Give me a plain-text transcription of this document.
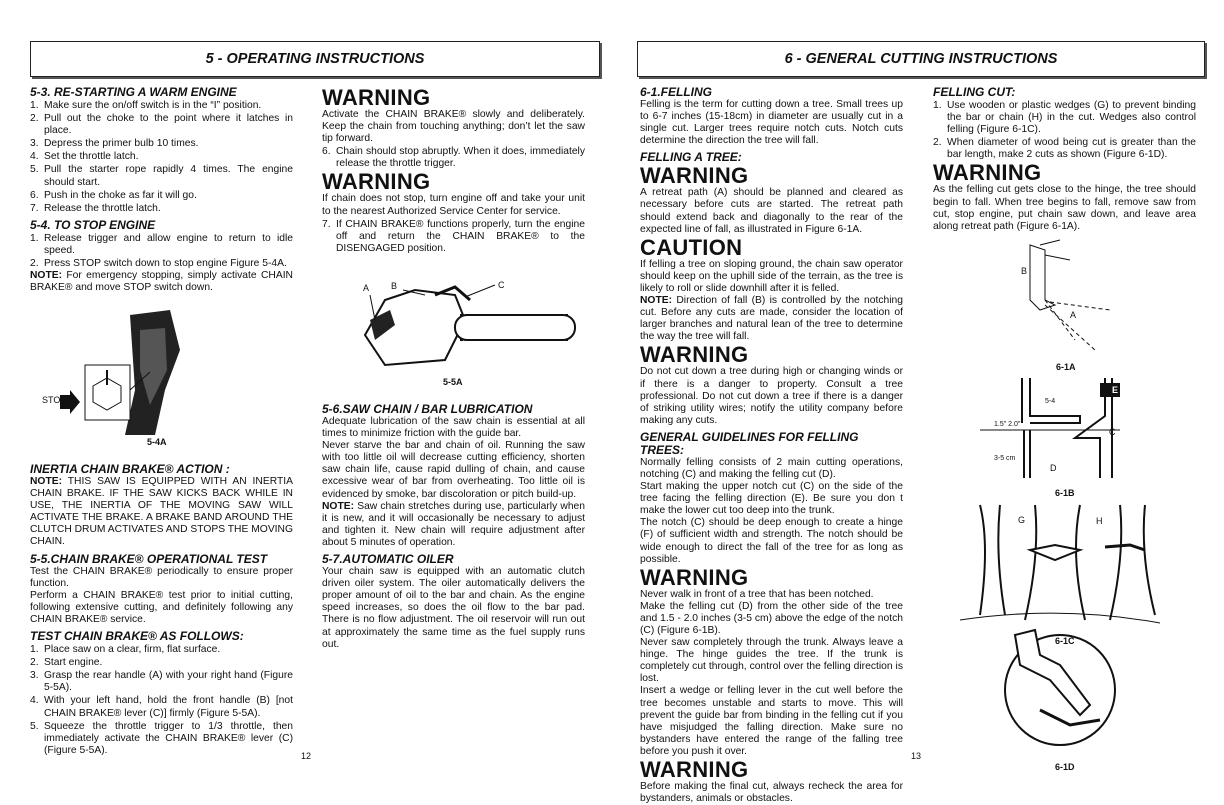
5 - OPERATING INSTRUCTIONS	6 - GENERAL CUTTING INSTRUCTIONS
5-3. RE-STARTING A WARM ENGINE
1. Make sure the on/off switch is in the “I” position.
2. Pull out the choke to the point where it latches in place.
3. Depress the primer bulb 10 times.
4. Set the throttle latch.
5. Pull the starter rope rapidly 4 times. The engine should start.
6. Push in the choke as far it will go.
7. Release the throttle latch.
5-4. TO STOP ENGINE
1. Release trigger and allow engine to return to idle speed.
2. Press STOP switch down to stop engine Figure 5-4A.
NOTE: For emergency stopping, simply activate CHAIN BRAKE® and move STOP switch down.
INERTIA CHAIN BRAKE® ACTION :
NOTE: THIS SAW IS EQUIPPED WITH AN INERTIA CHAIN BRAKE. IF THE SAW KICKS BACK WHILE IN USE, THE INERTIA OF THE MOVING SAW WILL ACTIVATE THE BRAKE. A BRAKE BAND AROUND THE CLUTCH DRUM ACTIVATES AND STOPS THE MOVING CHAIN.
5-5.CHAIN BRAKE® OPERATIONAL TEST
Test the CHAIN BRAKE® periodically to ensure proper function.
Perform a CHAIN BRAKE® test prior to initial cutting, following extensive cutting, and definitely following any CHAIN BRAKE® service.
TEST CHAIN BRAKE® AS FOLLOWS:
1. Place saw on a clear, firm, flat surface.
2. Start engine.
3. Grasp the rear handle (A) with your right hand (Figure 5-5A).
4. With your left hand, hold the front handle (B) [not CHAIN BRAKE® lever (C)] firmly (Figure 5-5A).
5. Squeeze the throttle trigger to 1/3 throttle, then immediately activate the CHAIN BRAKE® lever (C) (Figure 5-5A).
WARNING
Activate the CHAIN BRAKE® slowly and deliberately. Keep the chain from touching anything; don’t let the saw tip forward.
6. Chain should stop abruptly. When it does, immediately release the throttle trigger.
WARNING
If chain does not stop, turn engine off and take your unit to the nearest Authorized Service Center for service.
7. If CHAIN BRAKE® functions properly, turn the engine off and return the CHAIN BRAKE® to the DISENGAGED position.
5-6.SAW CHAIN / BAR LUBRICATION
Adequate lubrication of the saw chain is essential at all times to minimize friction with the guide bar.
Never starve the bar and chain of oil. Running the saw with too little oil will decrease cutting efficiency, shorten saw chain life, cause rapid dulling of chain, and cause excessive wear of bar from overheating. Too little oil is evidenced by smoke, bar discoloration or pitch build-up.
NOTE: Saw chain stretches during use, particularly when it is new, and it will occasionally be necessary to adjust and tighten it. New chain will require adjustment after about 5 minutes of operation.
5-7.AUTOMATIC OILER
Your chain saw is equipped with an automatic clutch driven oiler system. The oiler automatically delivers the proper amount of oil to the bar and chain. As the engine speed increases, so does the oil flow to the bar pad. There is no flow adjustment. The oil reservoir will run out at approximately the same time as the fuel supply runs out.
6-1.FELLING
Felling is the term for cutting down a tree. Small trees up to 6-7 inches (15-18cm) in diameter are usually cut in a single cut. Larger trees require notch cuts. Notch cuts determine the direction the tree will fall.
FELLING A TREE:
WARNING
A retreat path (A) should be planned and cleared as necessary before cuts are started. The retreat path should extend back and diagonally to the rear of the expected line of fall, as illustrated in Figure 6-1A.
CAUTION
If felling a tree on sloping ground, the chain saw operator should keep on the uphill side of the terrain, as the tree is likely to roll or slide downhill after it is felled.
NOTE: Direction of fall (B) is controlled by the notching cut. Before any cuts are made, consider the location of larger branches and natural lean of the tree to determine the way the tree will fall.
WARNING
Do not cut down a tree during high or changing winds or if there is a danger to property. Consult a tree professional. Do not cut down a tree if there is a danger of striking utility wires; notify the utility company before making any cuts.
GENERAL GUIDELINES FOR FELLING TREES:
Normally felling consists of 2 main cutting operations, notching (C) and making the felling cut (D).
Start making the upper notch cut (C) on the side of the tree facing the felling direction (E). Be sure you don t make the lower cut too deep into the trunk.
The notch (C) should be deep enough to create a hinge (F) of sufficient width and strength. The notch should be wide enough to direct the fall of the tree for as long as possible.
WARNING
Never walk in front of a tree that has been notched.
Make the felling cut (D) from the other side of the tree and 1.5 - 2.0 inches (3-5 cm) above the edge of the notch (C) (Figure 6-1B).
Never saw completely through the trunk. Always leave a hinge. The hinge guides the tree. If the trunk is completely cut through, control over the felling direction is lost.
Insert a wedge or felling lever in the cut well before the tree becomes unstable and starts to move. This will prevent the guide bar from binding in the felling cut if you have misjudged the falling direction. Make sure no bystanders have entered the range of the falling tree before you push it over.
WARNING
Before making the final cut, always recheck the area for bystanders, animals or obstacles.
FELLING CUT:
1. Use wooden or plastic wedges (G) to prevent binding the bar or chain (H) in the cut. Wedges also control felling (Figure 6-1C).
2. When diameter of wood being cut is greater than the bar length, make 2 cuts as shown (Figure 6-1D).
WARNING
As the felling cut gets close to the hinge, the tree should begin to fall. When tree begins to fall, remove saw from cut, stop engine, put chain saw down, and leave area along retreat path (Figure 6-1A).
STOP
5-4A
A B	C
5-5A
B
A
6-1A
E
C
D
5-4
1.5" 2.0"
3-5 cm
6-1B
G	H
6-1C
6-1D
12	13
